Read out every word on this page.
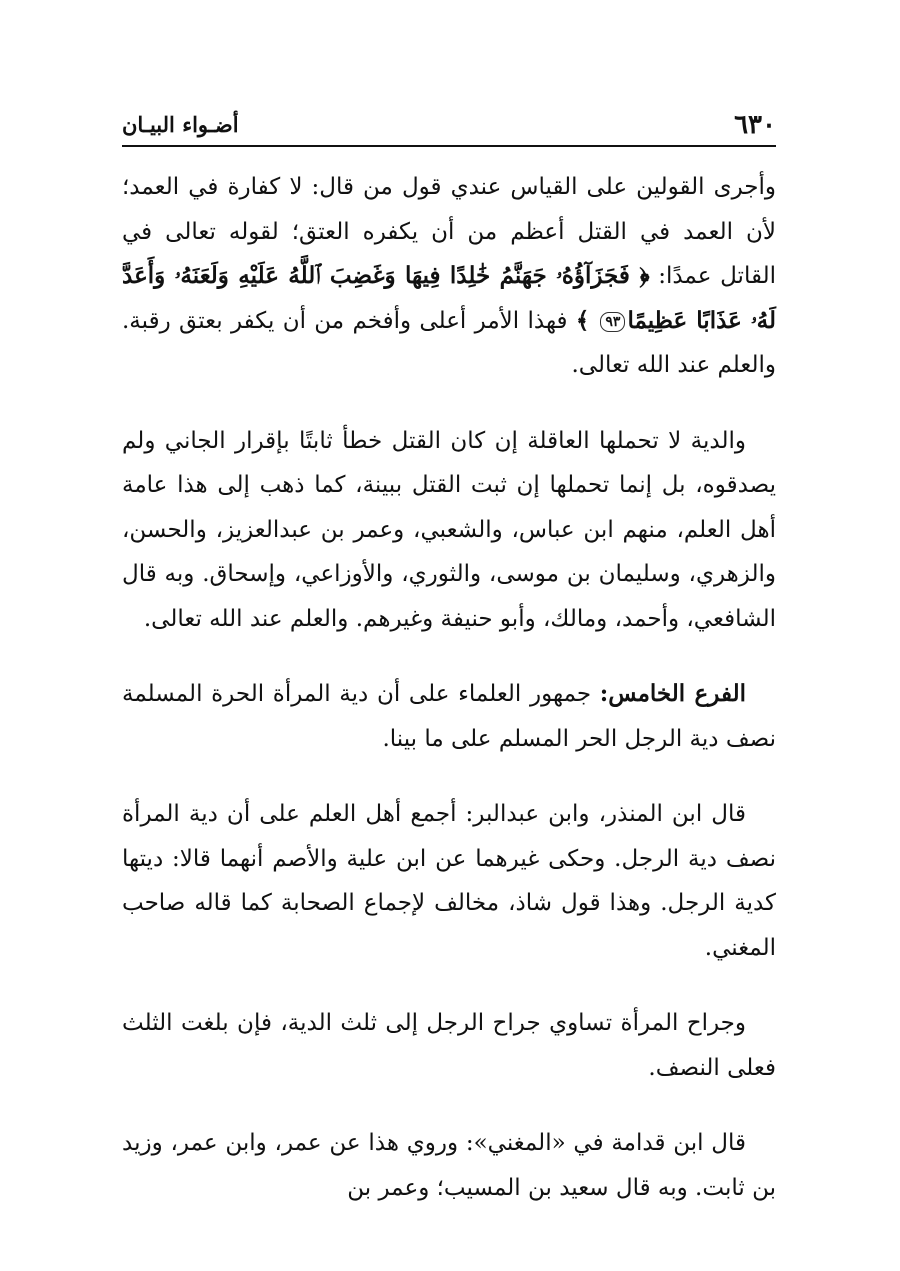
٦٣٠
أضـواء البيـان

وأجرى القولين على القياس عندي قول من قال: لا كفارة في العمد؛ لأن العمد في القتل أعظم من أن يكفره العتق؛ لقوله تعالى في القاتل عمدًا: ﴿ فَجَزَآؤُهُۥ جَهَنَّمُ خَٰلِدًا فِيهَا وَغَضِبَ ٱللَّهُ عَلَيْهِ وَلَعَنَهُۥ وَأَعَدَّ لَهُۥ عَذَابًا عَظِيمًا٩٣ ﴾ فهذا الأمر أعلى وأفخم من أن يكفر بعتق رقبة. والعلم عند الله تعالى.

والدية لا تحملها العاقلة إن كان القتل خطأ ثابتًا بإقرار الجاني ولم يصدقوه، بل إنما تحملها إن ثبت القتل ببينة، كما ذهب إلى هذا عامة أهل العلم، منهم ابن عباس، والشعبي، وعمر بن عبدالعزيز، والحسن، والزهري، وسليمان بن موسى، والثوري، والأوزاعي، وإسحاق. وبه قال الشافعي، وأحمد، ومالك، وأبو حنيفة وغيرهم. والعلم عند الله تعالى.

الفرع الخامس: جمهور العلماء على أن دية المرأة الحرة المسلمة نصف دية الرجل الحر المسلم على ما بينا.

قال ابن المنذر، وابن عبدالبر: أجمع أهل العلم على أن دية المرأة نصف دية الرجل. وحكى غيرهما عن ابن علية والأصم أنهما قالا: ديتها كدية الرجل. وهذا قول شاذ، مخالف لإجماع الصحابة كما قاله صاحب المغني.

وجراح المرأة تساوي جراح الرجل إلى ثلث الدية، فإن بلغت الثلث فعلى النصف.

قال ابن قدامة في «المغني»: وروي هذا عن عمر، وابن عمر، وزيد بن ثابت. وبه قال سعيد بن المسيب؛ وعمر بن
